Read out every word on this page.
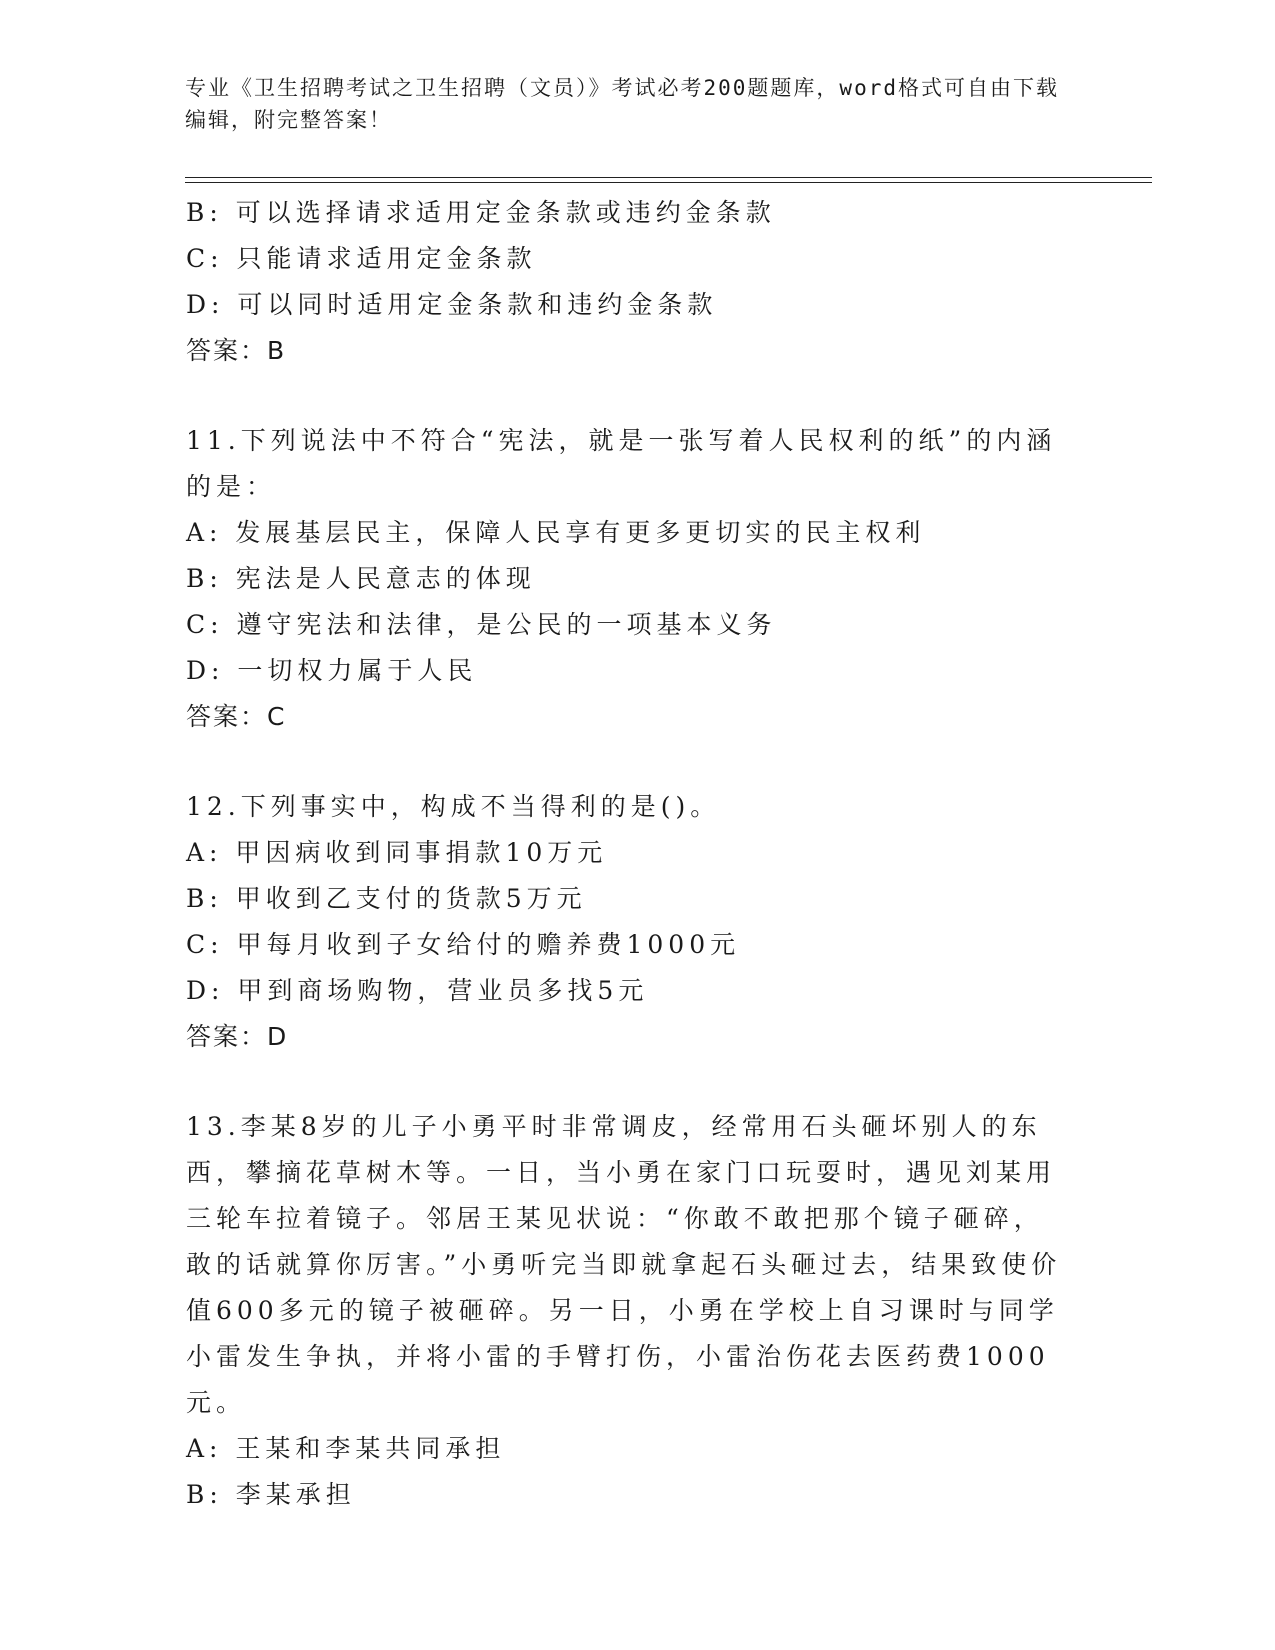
专业《卫生招聘考试之卫生招聘（文员）》考试必考200题题库，word格式可自由下载编辑，附完整答案！
B: 可以选择请求适用定金条款或违约金条款
C: 只能请求适用定金条款
D: 可以同时适用定金条款和违约金条款
答案：B
11.下列说法中不符合“宪法，就是一张写着人民权利的纸”的内涵的是：
A: 发展基层民主，保障人民享有更多更切实的民主权利
B: 宪法是人民意志的体现
C: 遵守宪法和法律，是公民的一项基本义务
D: 一切权力属于人民
答案：C
12.下列事实中，构成不当得利的是()。
A: 甲因病收到同事捐款10万元
B: 甲收到乙支付的货款5万元
C: 甲每月收到子女给付的赡养费1000元
D: 甲到商场购物，营业员多找5元
答案：D
13.李某8岁的儿子小勇平时非常调皮，经常用石头砸坏别人的东西，攀摘花草树木等。一日，当小勇在家门口玩耍时，遇见刘某用三轮车拉着镜子。邻居王某见状说：“你敢不敢把那个镜子砸碎，敢的话就算你厉害。”小勇听完当即就拿起石头砸过去，结果致使价值600多元的镜子被砸碎。另一日，小勇在学校上自习课时与同学小雷发生争执，并将小雷的手臂打伤，小雷治伤花去医药费1000元。
A: 王某和李某共同承担
B: 李某承担
